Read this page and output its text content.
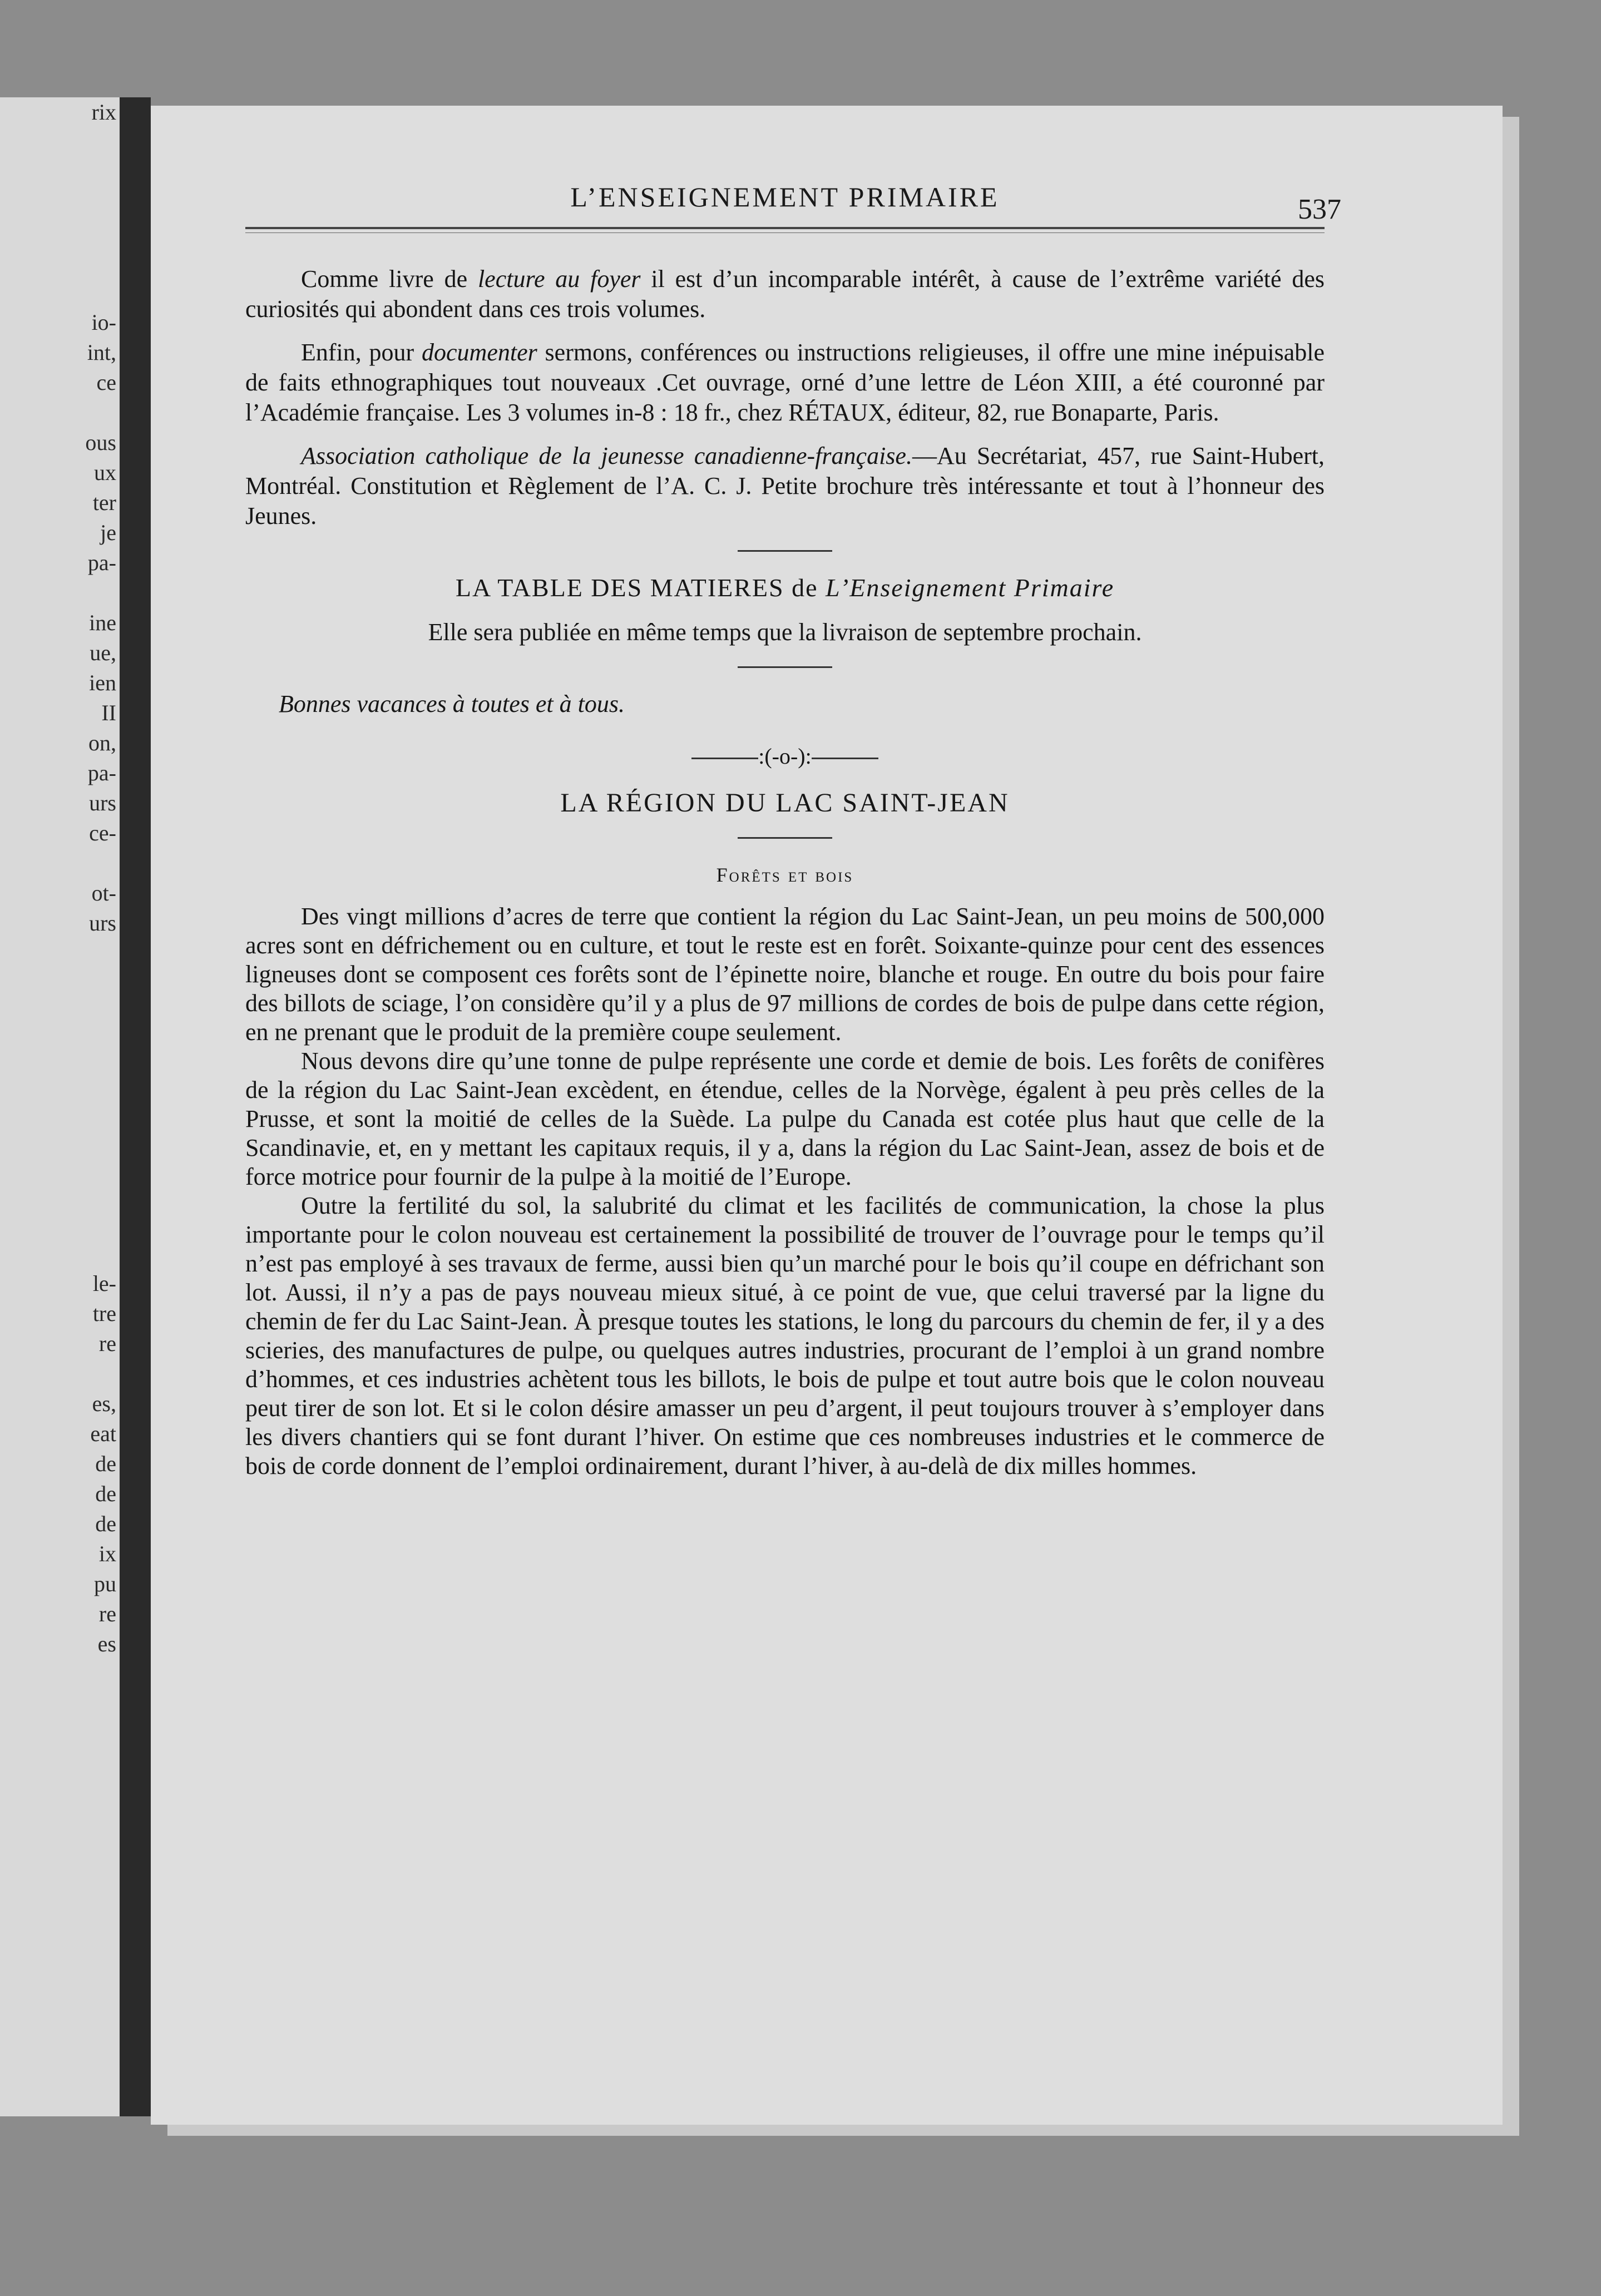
rix

io-
int,
ce

ous
ux
ter
je
pa-

ine
ue,
ien
II
on,
pa-
urs
ce-

ot-
urs

le-
tre
re

es,
eat
de
de
de
ix
pu
re
es
L’ENSEIGNEMENT PRIMAIRE	537

Comme livre de lecture au foyer il est d’un incomparable intérêt, à cause de l’extrême variété des curiosités qui abondent dans ces trois volumes.

Enfin, pour documenter sermons, conférences ou instructions religieuses, il offre une mine inépuisable de faits ethnographiques tout nouveaux .Cet ouvrage, orné d’une lettre de Léon XIII, a été couronné par l’Académie française. Les 3 volumes in-8 : 18 fr., chez RÉTAUX, éditeur, 82, rue Bonaparte, Paris.

Association catholique de la jeunesse canadienne-française.—Au Secrétariat, 457, rue Saint-Hubert, Montréal. Constitution et Règlement de l’A. C. J. Petite brochure très intéressante et tout à l’honneur des Jeunes.

LA TABLE DES MATIERES de L’Enseignement Primaire

Elle sera publiée en même temps que la livraison de septembre prochain.

Bonnes vacances à toutes et à tous.

:(-o-):

LA RÉGION DU LAC SAINT-JEAN

Forêts et bois

Des vingt millions d’acres de terre que contient la région du Lac Saint-Jean, un peu moins de 500,000 acres sont en défrichement ou en culture, et tout le reste est en forêt. Soixante-quinze pour cent des essences ligneuses dont se composent ces forêts sont de l’épinette noire, blanche et rouge. En outre du bois pour faire des billots de sciage, l’on considère qu’il y a plus de 97 millions de cordes de bois de pulpe dans cette région, en ne prenant que le produit de la première coupe seulement.

Nous devons dire qu’une tonne de pulpe représente une corde et demie de bois. Les forêts de conifères de la région du Lac Saint-Jean excèdent, en étendue, celles de la Norvège, égalent à peu près celles de la Prusse, et sont la moitié de celles de la Suède. La pulpe du Canada est cotée plus haut que celle de la Scandinavie, et, en y mettant les capitaux requis, il y a, dans la région du Lac Saint-Jean, assez de bois et de force motrice pour fournir de la pulpe à la moitié de l’Europe.

Outre la fertilité du sol, la salubrité du climat et les facilités de communication, la chose la plus importante pour le colon nouveau est certainement la possibilité de trouver de l’ouvrage pour le temps qu’il n’est pas employé à ses travaux de ferme, aussi bien qu’un marché pour le bois qu’il coupe en défrichant son lot. Aussi, il n’y a pas de pays nouveau mieux situé, à ce point de vue, que celui traversé par la ligne du chemin de fer du Lac Saint-Jean. À presque toutes les stations, le long du parcours du chemin de fer, il y a des scieries, des manufactures de pulpe, ou quelques autres industries, procurant de l’emploi à un grand nombre d’hommes, et ces industries achètent tous les billots, le bois de pulpe et tout autre bois que le colon nouveau peut tirer de son lot. Et si le colon désire amasser un peu d’argent, il peut toujours trouver à s’employer dans les divers chantiers qui se font durant l’hiver. On estime que ces nombreuses industries et le commerce de bois de corde donnent de l’emploi ordinairement, durant l’hiver, à au-delà de dix milles hommes.
